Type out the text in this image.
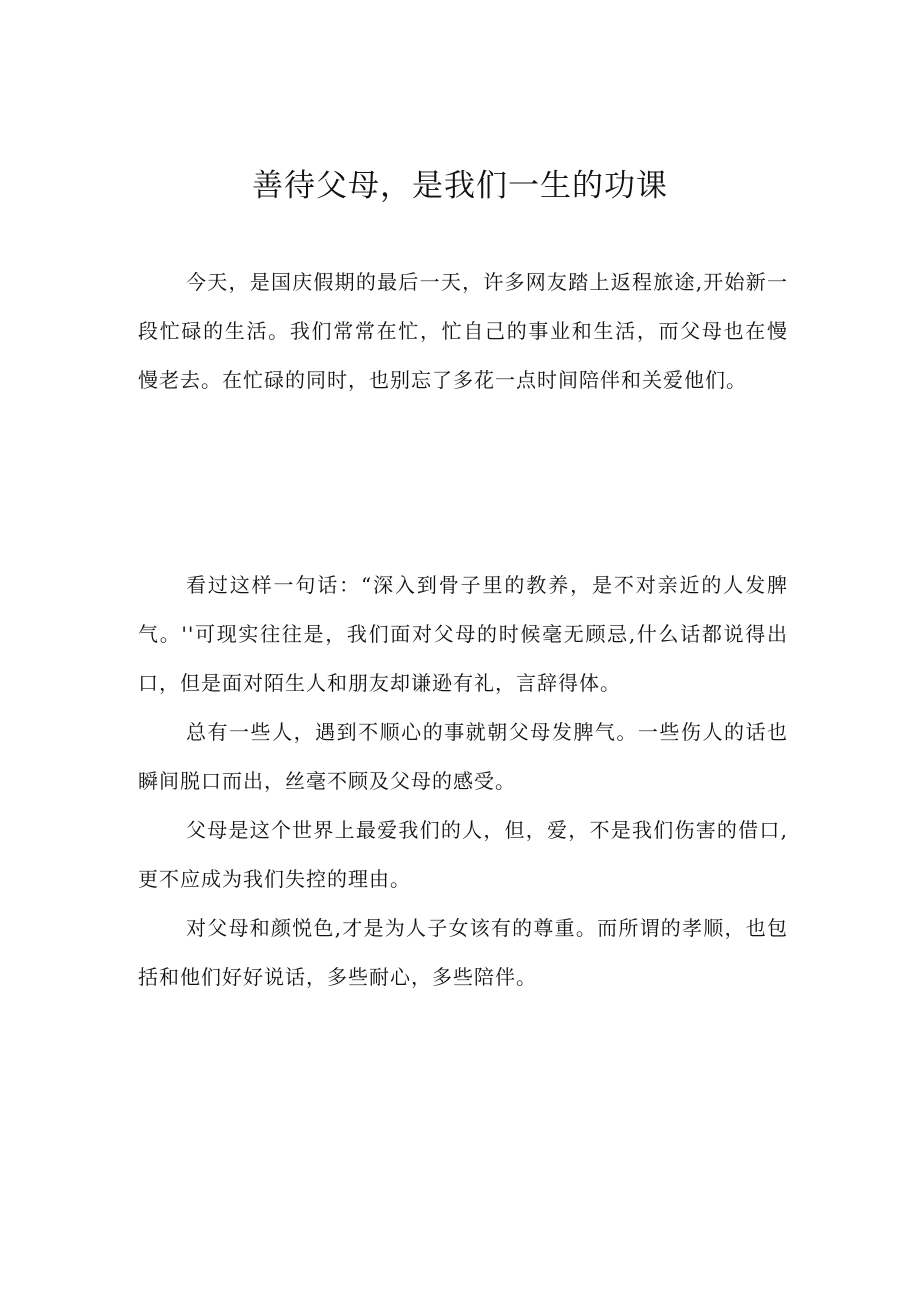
善待父母，是我们一生的功课

今天，是国庆假期的最后一天，许多网友踏上返程旅途,开始新一段忙碌的生活。我们常常在忙，忙自己的事业和生活，而父母也在慢慢老去。在忙碌的同时，也别忘了多花一点时间陪伴和关爱他们。

看过这样一句话：“深入到骨子里的教养，是不对亲近的人发脾气。''可现实往往是，我们面对父母的时候毫无顾忌,什么话都说得出口，但是面对陌生人和朋友却谦逊有礼，言辞得体。

总有一些人，遇到不顺心的事就朝父母发脾气。一些伤人的话也瞬间脱口而出，丝毫不顾及父母的感受。

父母是这个世界上最爱我们的人，但，爱，不是我们伤害的借口,更不应成为我们失控的理由。

对父母和颜悦色,才是为人子女该有的尊重。而所谓的孝顺，也包括和他们好好说话，多些耐心，多些陪伴。
